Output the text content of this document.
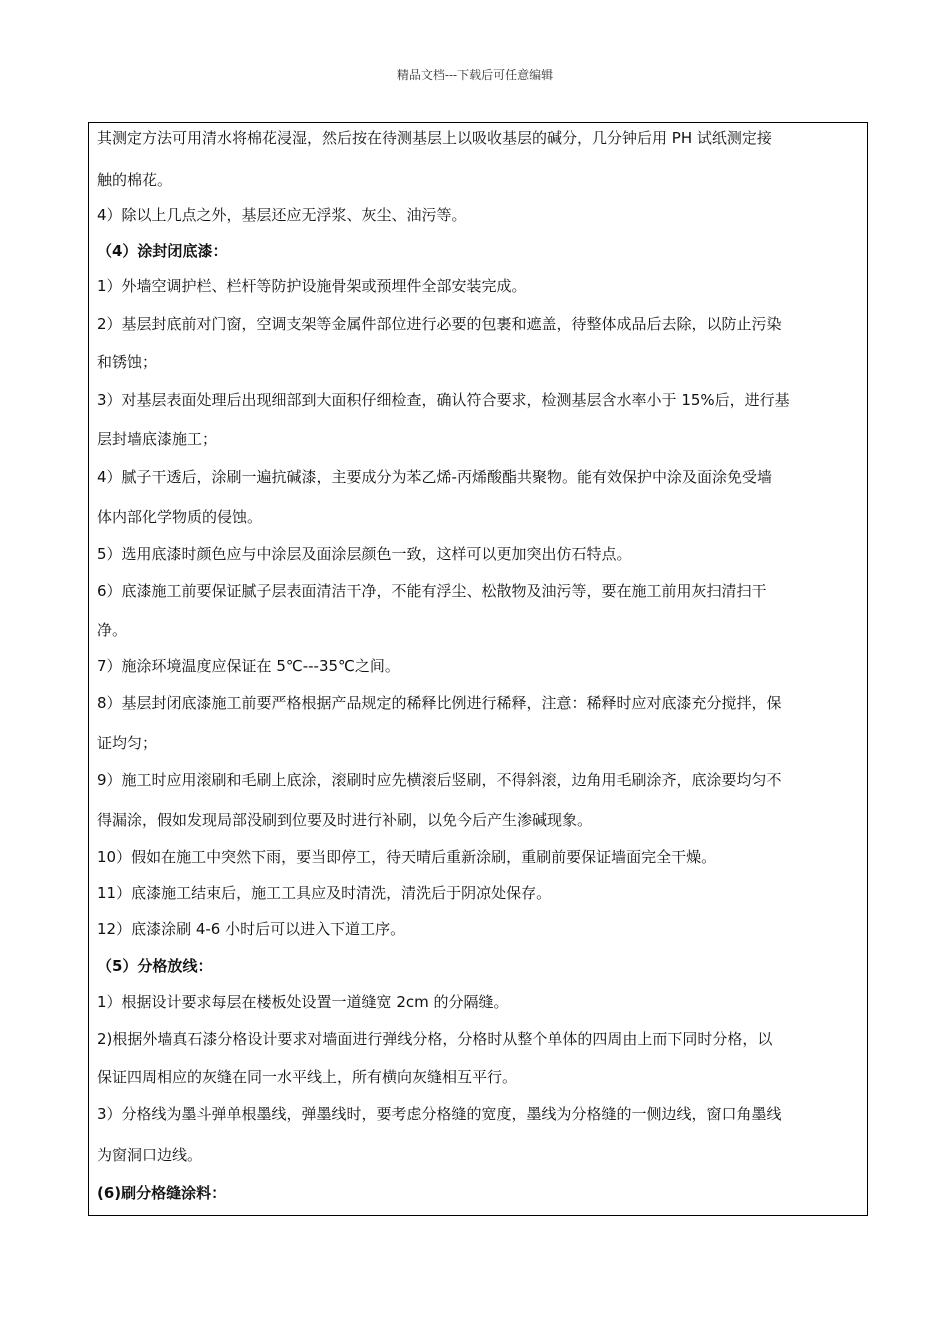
精品文档---下载后可任意编辑
其测定方法可用清水将棉花浸湿，然后按在待测基层上以吸收基层的碱分，几分钟后用 PH 试纸测定接
触的棉花。
4）除以上几点之外，基层还应无浮浆、灰尘、油污等。
（4）涂封闭底漆：
1）外墙空调护栏、栏杆等防护设施骨架或预埋件全部安装完成。
2）基层封底前对门窗，空调支架等金属件部位进行必要的包裹和遮盖，待整体成品后去除，以防止污染
和锈蚀；
3）对基层表面处理后出现细部到大面积仔细检查，确认符合要求，检测基层含水率小于 15%后，进行基
层封墙底漆施工；
4）腻子干透后，涂刷一遍抗碱漆，主要成分为苯乙烯-丙烯酸酯共聚物。能有效保护中涂及面涂免受墙
体内部化学物质的侵蚀。
5）选用底漆时颜色应与中涂层及面涂层颜色一致，这样可以更加突出仿石特点。
6）底漆施工前要保证腻子层表面清洁干净，不能有浮尘、松散物及油污等，要在施工前用灰扫清扫干
净。
7）施涂环境温度应保证在 5℃---35℃之间。
8）基层封闭底漆施工前要严格根据产品规定的稀释比例进行稀释，注意：稀释时应对底漆充分搅拌，保
证均匀；
9）施工时应用滚刷和毛刷上底涂，滚刷时应先横滚后竖刷，不得斜滚，边角用毛刷涂齐，底涂要均匀不
得漏涂，假如发现局部没刷到位要及时进行补刷，以免今后产生渗碱现象。
10）假如在施工中突然下雨，要当即停工，待天晴后重新涂刷，重刷前要保证墙面完全干燥。
11）底漆施工结束后，施工工具应及时清洗，清洗后于阴凉处保存。
12）底漆涂刷 4-6 小时后可以进入下道工序。
（5）分格放线：
1）根据设计要求每层在楼板处设置一道缝宽 2cm 的分隔缝。
2)根据外墙真石漆分格设计要求对墙面进行弹线分格，分格时从整个单体的四周由上而下同时分格，以
保证四周相应的灰缝在同一水平线上，所有横向灰缝相互平行。
3）分格线为墨斗弹单根墨线，弹墨线时，要考虑分格缝的宽度，墨线为分格缝的一侧边线，窗口角墨线
为窗洞口边线。
(6)刷分格缝涂料：
